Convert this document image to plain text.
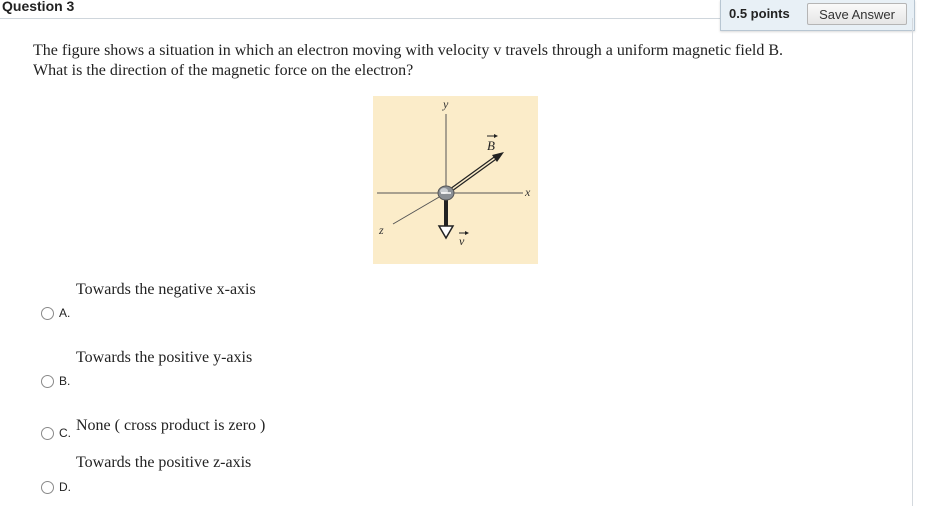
Question 3	0.5 points	Save Answer
The figure shows a situation in which an electron moving with velocity v travels through a uniform magnetic field B.
What is the direction of the magnetic force on the electron?
y
x
z
B
v
Towards the negative x-axis
A.
Towards the positive y-axis
B.
C. None ( cross product is zero )
Towards the positive z-axis
D.
